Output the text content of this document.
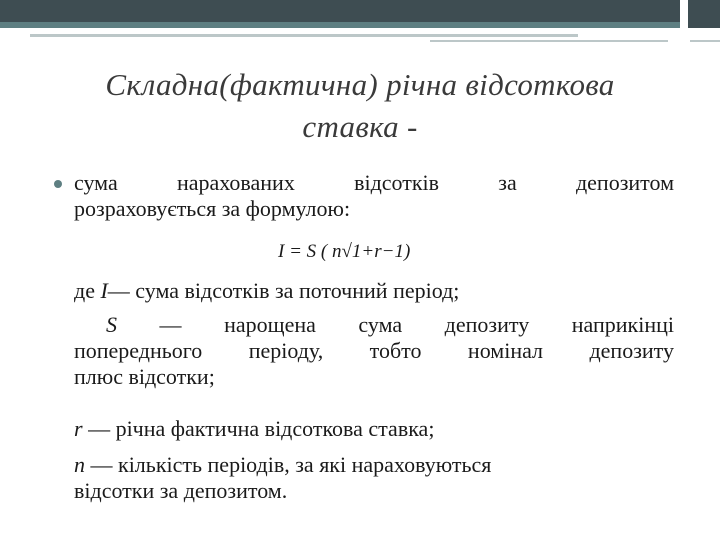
Складна(фактична) річна відсоткова
ставка -
сума нарахованих відсотків за депозитом
розраховується за формулою:
I = S ( n√1+r−1)
де I— сума відсотків за поточний період;
S — нарощена сума депозиту наприкінці
попереднього періоду, тобто номінал депозиту
плюс відсотки;
r — річна фактична відсоткова ставка;
n — кількість періодів, за які нараховуються
відсотки за депозитом.
